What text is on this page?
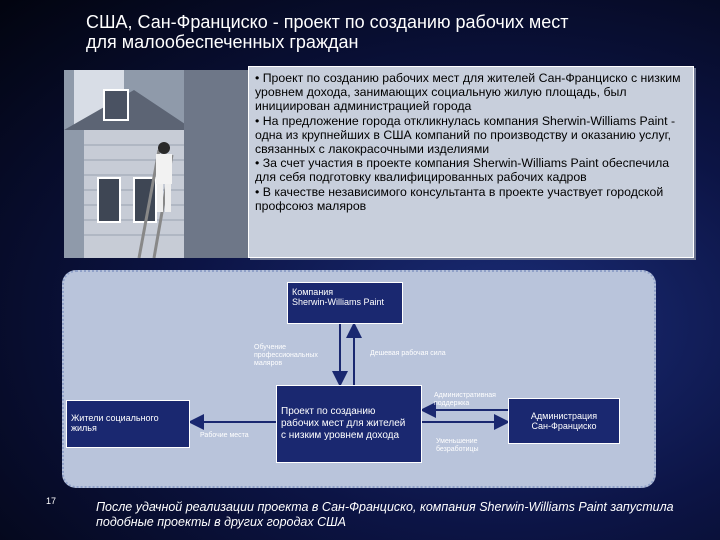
США, Сан-Франциско - проект по созданию рабочих мест
для малообеспеченных граждан

• Проект по созданию рабочих мест для жителей Сан-Франциско с низким уровнем дохода, занимающих социальную жилую площадь, был инициирован администрацией города

• На предложение города откликнулась компания Sherwin-Williams Paint - одна из крупнейших в США компаний по производству и оказанию услуг, связанных с лакокрасочными изделиями

• За счет участия в проекте компания Sherwin-Williams Paint обеспечила для себя подготовку квалифицированных рабочих кадров

• В качестве независимого консультанта в проекте участвует городской профсоюз маляров

Компания
Sherwin-Williams Paint
Обучение
профессиональных
маляров
Дешевая рабочая сила
Жители социального
жилья
Рабочие места
Проект по созданию
рабочих мест для жителей
с низким уровнем дохода
Административная
поддержка
Уменьшение
безработицы
Администрация
Сан-Франциско
17	После удачной реализации проекта в Сан-Франциско, компания Sherwin-Williams Paint запустила подобные проекты в других городах США
